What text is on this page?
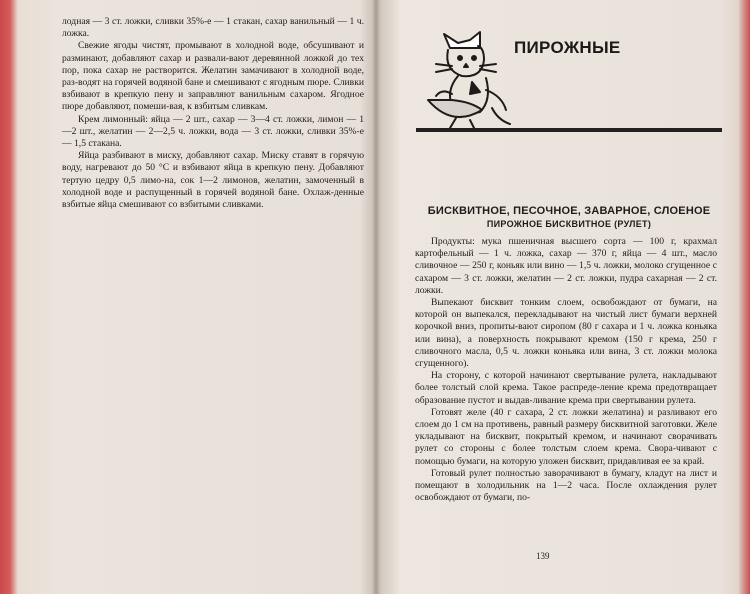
лодная — 3 ст. ложки, сливки 35%-е — 1 стакан, сахар ванильный — 1 ч. ложка.

Свежие ягоды чистят, промывают в холодной воде, обсушивают и разминают, добавляют сахар и развали-вают деревянной ложкой до тех пор, пока сахар не растворится. Желатин замачивают в холодной воде, раз-водят на горячей водяной бане и смешивают с ягодным пюре. Сливки взбивают в крепкую пену и заправляют ванильным сахаром. Ягодное пюре добавляют, помеши-вая, к взбитым сливкам.

Крем лимонный: яйца — 2 шт., сахар — 3—4 ст. ложки, лимон — 1—2 шт., желатин — 2—2,5 ч. ложки, вода — 3 ст. ложки, сливки 35%-е — 1,5 стакана.

Яйца разбивают в миску, добавляют сахар. Миску ставят в горячую воду, нагревают до 50 °С и взбивают яйца в крепкую пену. Добавляют тертую цедру 0,5 лимо-на, сок 1—2 лимонов, желатин, замоченный в холодной воде и распущенный в горячей водяной бане. Охлаж-денные взбитые яйца смешивают со взбитыми сливками.

ПИРОЖНЫЕ
БИСКВИТНОЕ, ПЕСОЧНОЕ, ЗАВАРНОЕ, СЛОЕНОЕ
ПИРОЖНОЕ БИСКВИТНОЕ (РУЛЕТ)

Продукты: мука пшеничная высшего сорта — 100 г, крахмал картофельный — 1 ч. ложка, сахар — 370 г, яйца — 4 шт., масло сливочное — 250 г, коньяк или вино — 1,5 ч. ложки, молоко сгущенное с сахаром — 3 ст. ложки, желатин — 2 ст. ложки, пудра сахарная — 2 ст. ложки.

Выпекают бисквит тонким слоем, освобождают от бумаги, на которой он выпекался, перекладывают на чистый лист бумаги верхней корочкой вниз, пропиты-вают сиропом (80 г сахара и 1 ч. ложка коньяка или вина), а поверхность покрывают кремом (150 г крема, 250 г сливочного масла, 0,5 ч. ложки коньяка или вина, 3 ст. ложки молока сгущенного).

На сторону, с которой начинают свертывание рулета, накладывают более толстый слой крема. Такое распреде-ление крема предотвращает образование пустот и выдав-ливание крема при свертывании рулета.

Готовят желе (40 г сахара, 2 ст. ложки желатина) и разливают его слоем до 1 см на противень, равный размеру бисквитной заготовки. Желе укладывают на бисквит, покрытый кремом, и начинают сворачивать рулет со стороны с более толстым слоем крема. Свора-чивают с помощью бумаги, на которую уложен бисквит, придавливая ее за край.

Готовый рулет полностью заворачивают в бумагу, кладут на лист и помещают в холодильник на 1—2 часа. После охлаждения рулет освобождают от бумаги, по-

139
